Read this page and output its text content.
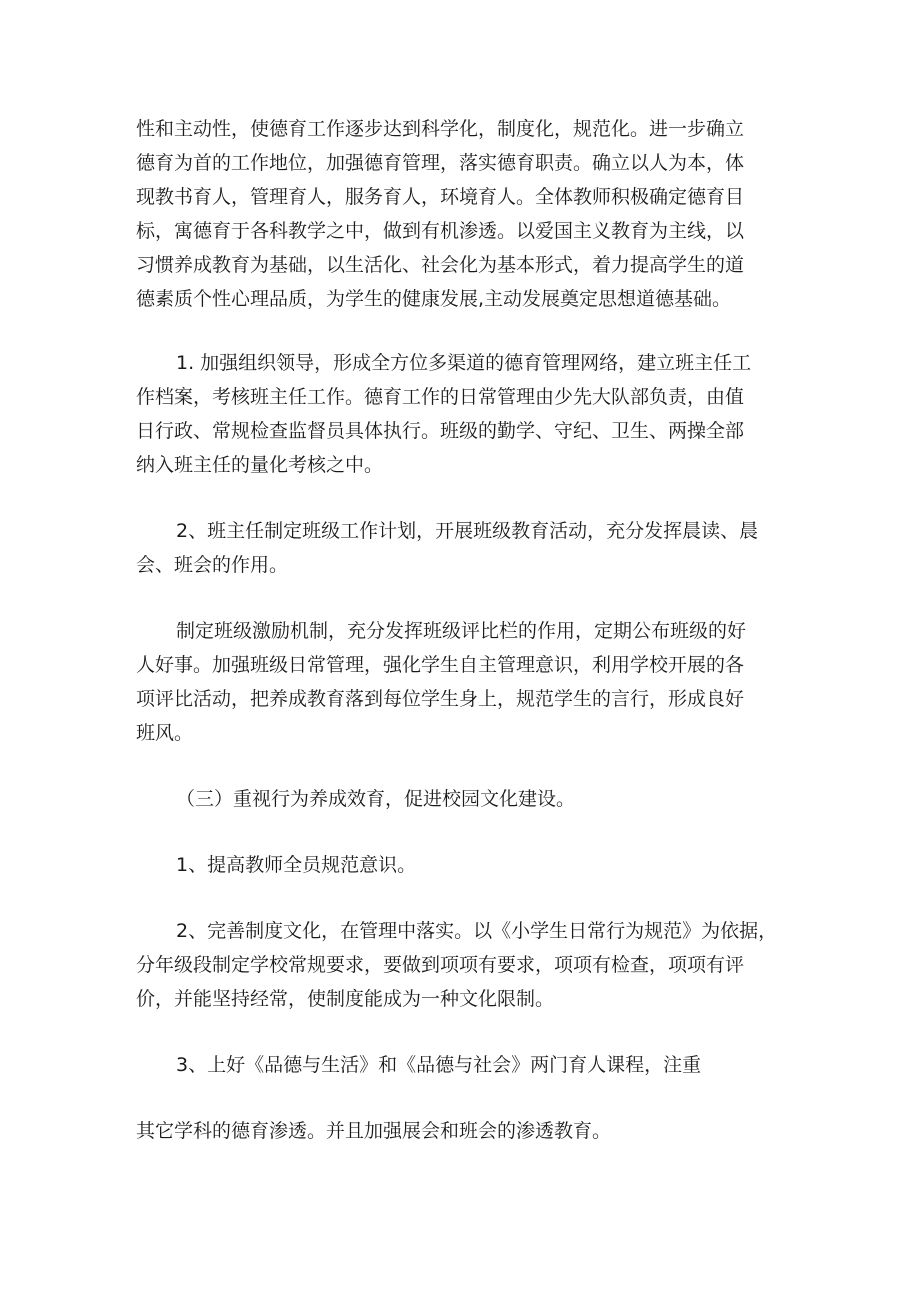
性和主动性，使德育工作逐步达到科学化，制度化，规范化。进一步确立
德育为首的工作地位，加强德育管理，落实德育职责。确立以人为本，体
现教书育人，管理育人，服务育人，环境育人。全体教师积极确定德育目
标，寓德育于各科教学之中，做到有机渗透。以爱国主义教育为主线，以
习惯养成教育为基础，以生活化、社会化为基本形式，着力提高学生的道
德素质个性心理品质，为学生的健康发展,主动发展奠定思想道德基础。
1. 加强组织领导，形成全方位多渠道的德育管理网络，建立班主任工
作档案，考核班主任工作。德育工作的日常管理由少先大队部负责，由值
日行政、常规检查监督员具体执行。班级的勤学、守纪、卫生、两操全部
纳入班主任的量化考核之中。
2、班主任制定班级工作计划，开展班级教育活动，充分发挥晨读、晨
会、班会的作用。
制定班级激励机制，充分发挥班级评比栏的作用，定期公布班级的好
人好事。加强班级日常管理，强化学生自主管理意识，利用学校开展的各
项评比活动，把养成教育落到每位学生身上，规范学生的言行，形成良好
班风。
（三）重视行为养成效育，促进校园文化建设。
1、提高教师全员规范意识。
2、完善制度文化，在管理中落实。以《小学生日常行为规范》为依据，
分年级段制定学校常规要求，要做到项项有要求，项项有检查，项项有评
价，并能坚持经常，使制度能成为一种文化限制。
3、上好《品德与生活》和《品德与社会》两门育人课程，注重
其它学科的德育渗透。并且加强展会和班会的渗透教育。
